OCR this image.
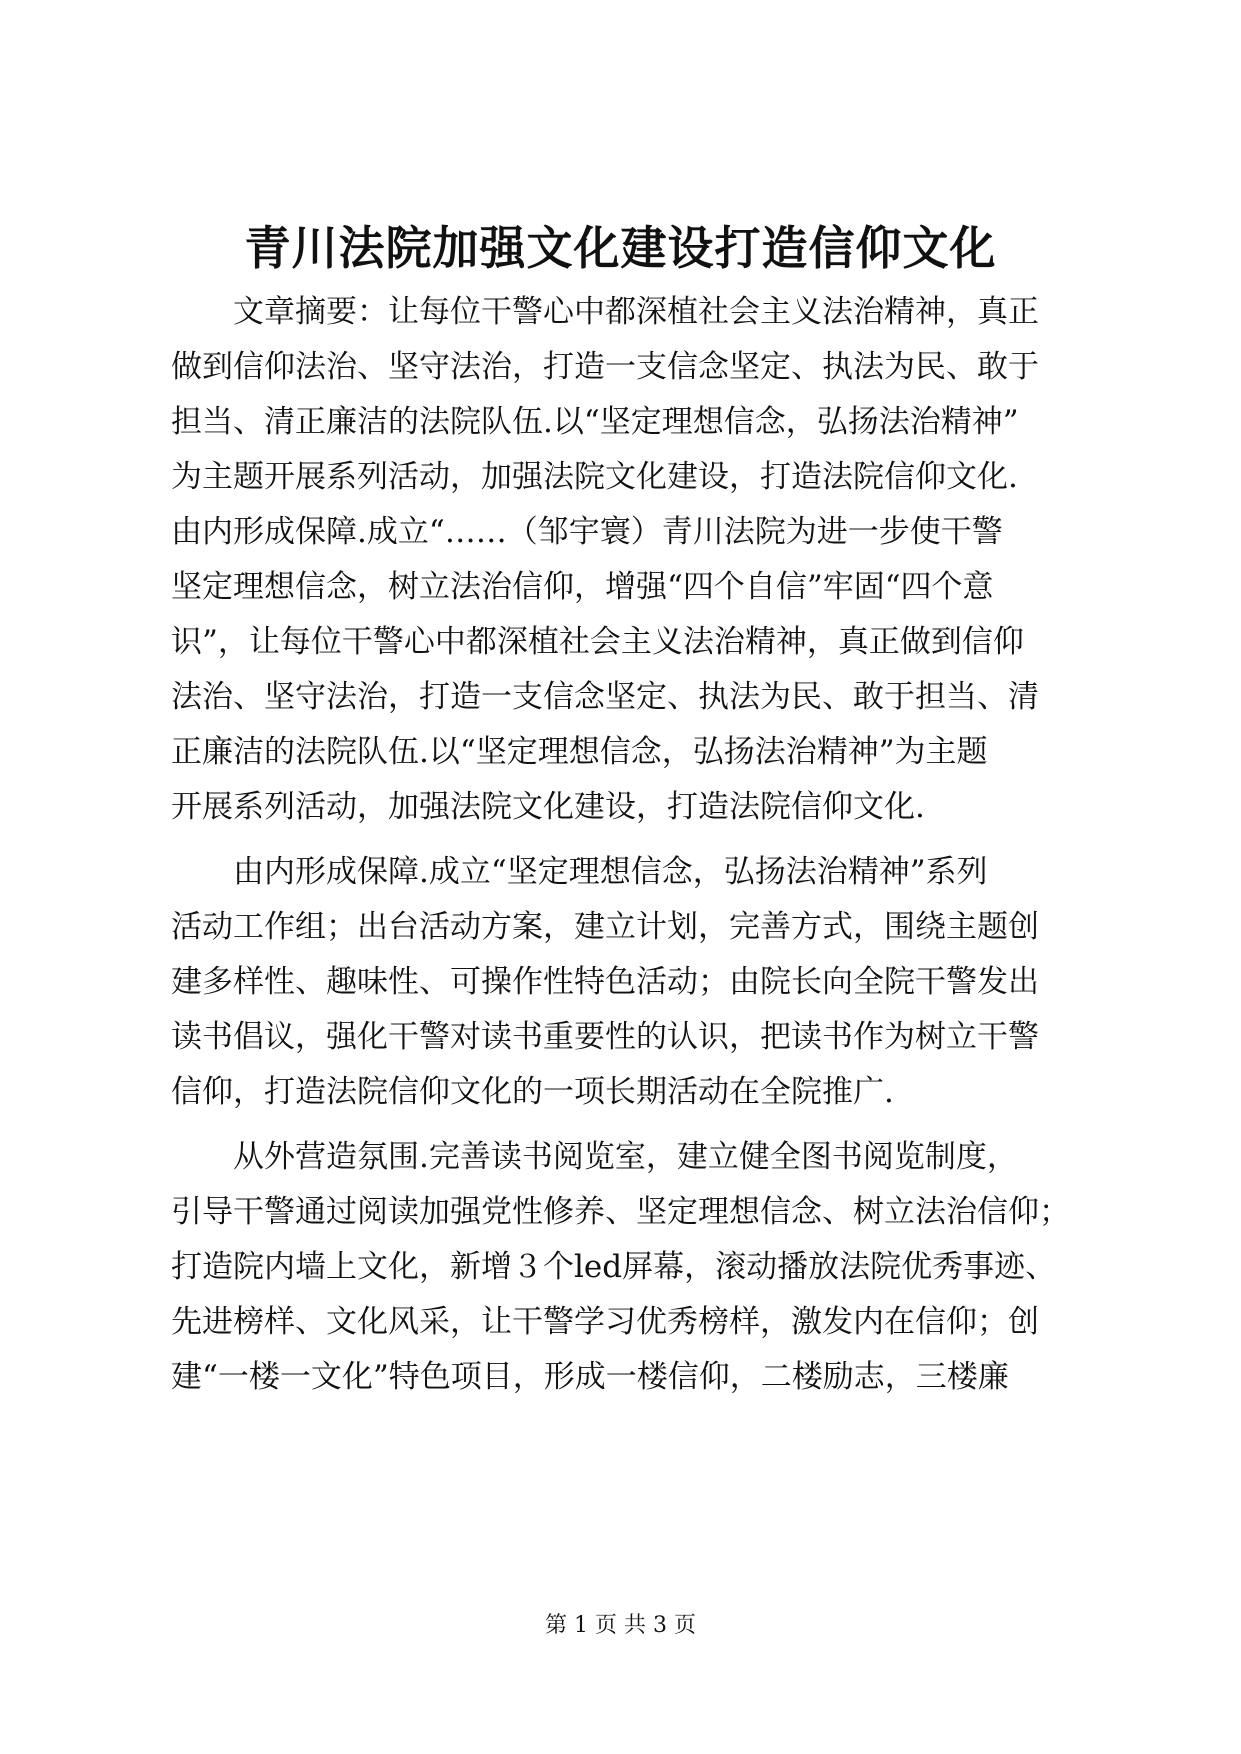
青川法院加强文化建设打造信仰文化
文章摘要：让每位干警心中都深植社会主义法治精神，真正
做到信仰法治、坚守法治，打造一支信念坚定、执法为民、敢于
担当、清正廉洁的法院队伍.以“坚定理想信念，弘扬法治精神”
为主题开展系列活动，加强法院文化建设，打造法院信仰文化.
由内形成保障.成立“……（邹宇寰）青川法院为进一步使干警
坚定理想信念，树立法治信仰，增强“四个自信”牢固“四个意
识”，让每位干警心中都深植社会主义法治精神，真正做到信仰
法治、坚守法治，打造一支信念坚定、执法为民、敢于担当、清
正廉洁的法院队伍.以“坚定理想信念，弘扬法治精神”为主题
开展系列活动，加强法院文化建设，打造法院信仰文化.
由内形成保障.成立“坚定理想信念，弘扬法治精神”系列
活动工作组；出台活动方案，建立计划，完善方式，围绕主题创
建多样性、趣味性、可操作性特色活动；由院长向全院干警发出
读书倡议，强化干警对读书重要性的认识，把读书作为树立干警
信仰，打造法院信仰文化的一项长期活动在全院推广.
从外营造氛围.完善读书阅览室，建立健全图书阅览制度，
引导干警通过阅读加强党性修养、坚定理想信念、树立法治信仰；
打造院内墙上文化，新增３个led屏幕，滚动播放法院优秀事迹、
先进榜样、文化风采，让干警学习优秀榜样，激发内在信仰；创
建“一楼一文化”特色项目，形成一楼信仰，二楼励志，三楼廉
第 1 页 共 3 页
